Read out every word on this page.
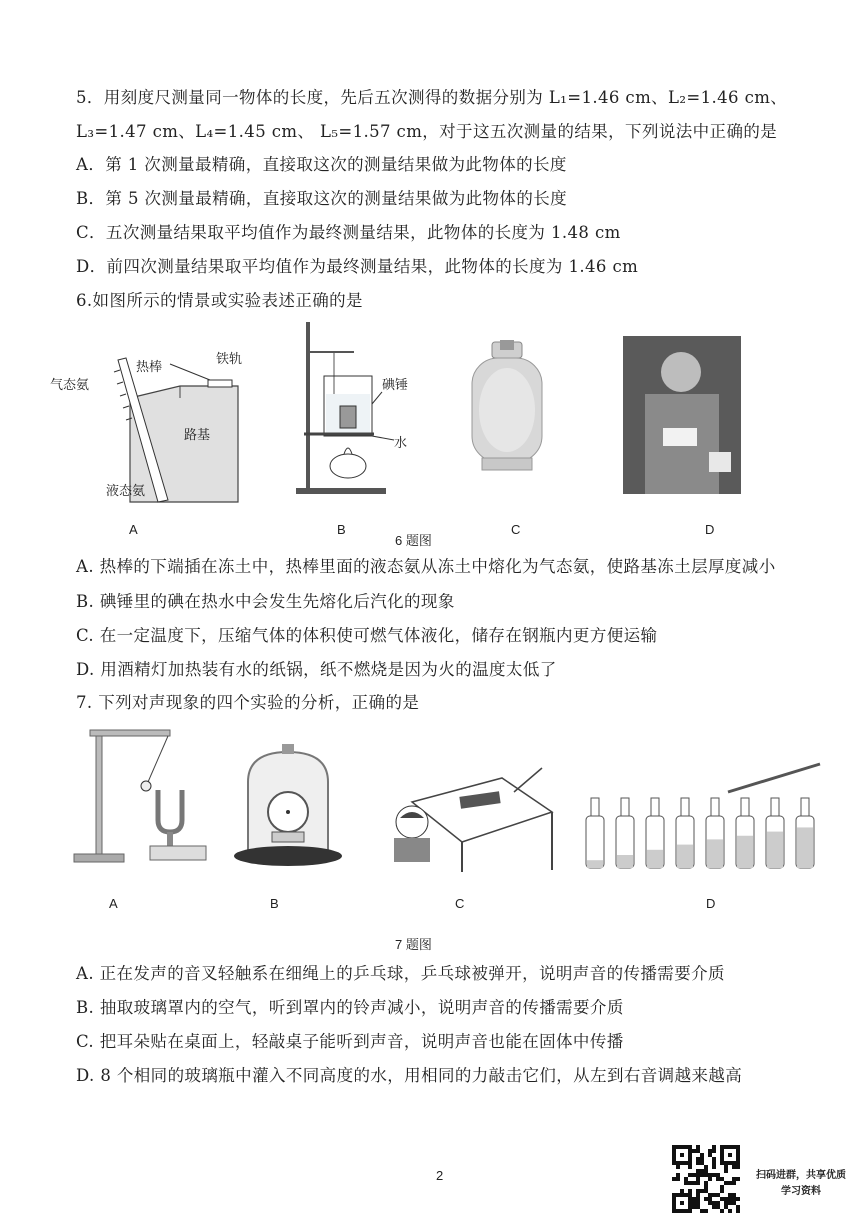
5．用刻度尺测量同一物体的长度，先后五次测得的数据分别为 L₁=1.46 cm、L₂=1.46 cm、
L₃=1.47 cm、L₄=1.45 cm、 L₅=1.57 cm，对于这五次测量的结果，下列说法中正确的是
A．第 1 次测量最精确，直接取这次的测量结果做为此物体的长度
B．第 5 次测量最精确，直接取这次的测量结果做为此物体的长度
C．五次测量结果取平均值作为最终测量结果，此物体的长度为 1.48 cm
D．前四次测量结果取平均值作为最终测量结果，此物体的长度为 1.46 cm
6.如图所示的情景或实验表述正确的是
气态氨
热棒
铁轨
路基
液态氨
碘锤
水
A	B
6 题图
C	D
A. 热棒的下端插在冻土中，热棒里面的液态氨从冻土中熔化为气态氨，使路基冻土层厚度减小
B. 碘锤里的碘在热水中会发生先熔化后汽化的现象
C. 在一定温度下，压缩气体的体积使可燃气体液化，储存在钢瓶内更方便运输
D. 用酒精灯加热装有水的纸锅，纸不燃烧是因为火的温度太低了
7. 下列对声现象的四个实验的分析，正确的是
A	B	C	D
7 题图
A. 正在发声的音叉轻触系在细绳上的乒乓球，乒乓球被弹开，说明声音的传播需要介质
B. 抽取玻璃罩内的空气，听到罩内的铃声减小，说明声音的传播需要介质
C. 把耳朵贴在桌面上，轻敲桌子能听到声音，说明声音也能在固体中传播
D. 8 个相同的玻璃瓶中灌入不同高度的水，用相同的力敲击它们，从左到右音调越来越高
2	扫码进群，共享优质
学习资料
